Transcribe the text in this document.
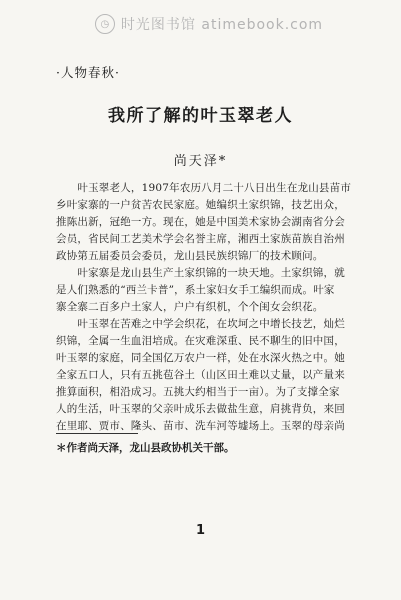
◷ 时光图书馆 atimebook.com
·人物春秋·
我所了解的叶玉翠老人
尚天泽*
　　叶玉翠老人，1907年农历八月二十八日出生在龙山县苗市
乡叶家寨的一户贫苦农民家庭。她编织土家织锦，技艺出众，
推陈出新，冠绝一方。现在，她是中国美术家协会湖南省分会
会员，省民间工艺美术学会名誉主席，湘西土家族苗族自治州
政协第五届委员会委员，龙山县民族织锦厂的技术顾问。
　　叶家寨是龙山县生产土家织锦的一块天地。土家织锦，就
是人们熟悉的“西兰卡普”，系土家妇女手工编织而成。叶家
寨全寨二百多户土家人，户户有织机，个个闺女会织花。
　　叶玉翠在苦难之中学会织花，在坎坷之中增长技艺，灿烂
织锦，全属一生血泪培成。在灾难深重、民不聊生的旧中国，
叶玉翠的家庭，同全国亿万农户一样，处在水深火热之中。她
全家五口人，只有五挑苞谷土（山区田土难以丈量，以产量来
推算面积，相沿成习。五挑大约相当于一亩）。为了支撑全家
人的生活，叶玉翠的父亲叶成乐去做盐生意，肩挑背负，来回
在里耶、贾市、隆头、苗市、洗车河等墟场上。玉翠的母亲尚
＊作者尚天泽，龙山县政协机关干部。
1
